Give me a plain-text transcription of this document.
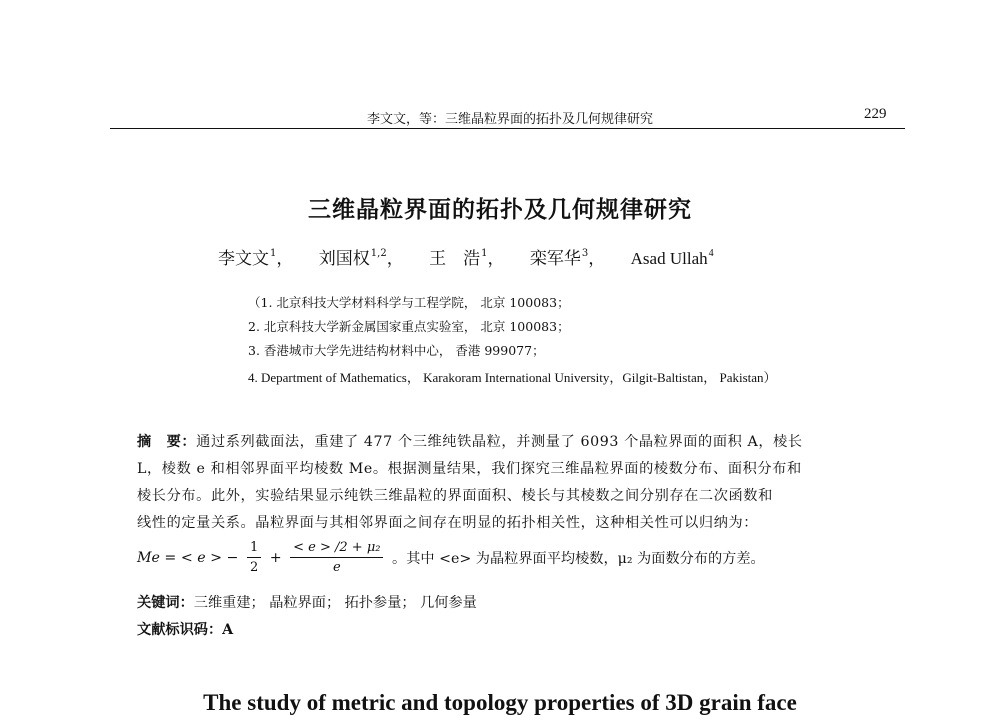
李文文，等：三维晶粒界面的拓扑及几何规律研究	229
三维晶粒界面的拓扑及几何规律研究
李文文$^1$， 刘国权$^{1,2}$， 王　浩$^1$， 栾军华$^3$， Asad Ullah$^4$
（1. 北京科技大学材料科学与工程学院， 北京 100083；
2. 北京科技大学新金属国家重点实验室， 北京 100083；
3. 香港城市大学先进结构材料中心， 香港 999077；
4. Department of Mathematics， Karakoram International University，Gilgit-Baltistan， Pakistan）
摘　要：通过系列截面法，重建了 477 个三维纯铁晶粒，并测量了 6093 个晶粒界面的面积 A，棱长
L，棱数 e 和相邻界面平均棱数 Me。根据测量结果，我们探究三维晶粒界面的棱数分布、面积分布和
棱长分布。此外，实验结果显示纯铁三维晶粒的界面面积、棱长与其棱数之间分别存在二次函数和
线性的定量关系。晶粒界面与其相邻界面之间存在明显的拓扑相关性，这种相关性可以归纳为：
Me = < e > − $\frac{1}{2} + \frac{\text{< e > /2 + μ₂}}{e}$ 。其中 <e> 为晶粒界面平均棱数，μ₂ 为面数分布的方差。
关键词：三维重建； 晶粒界面； 拓扑参量； 几何参量
文献标识码：A
The study of metric and topology properties of 3D grain face
